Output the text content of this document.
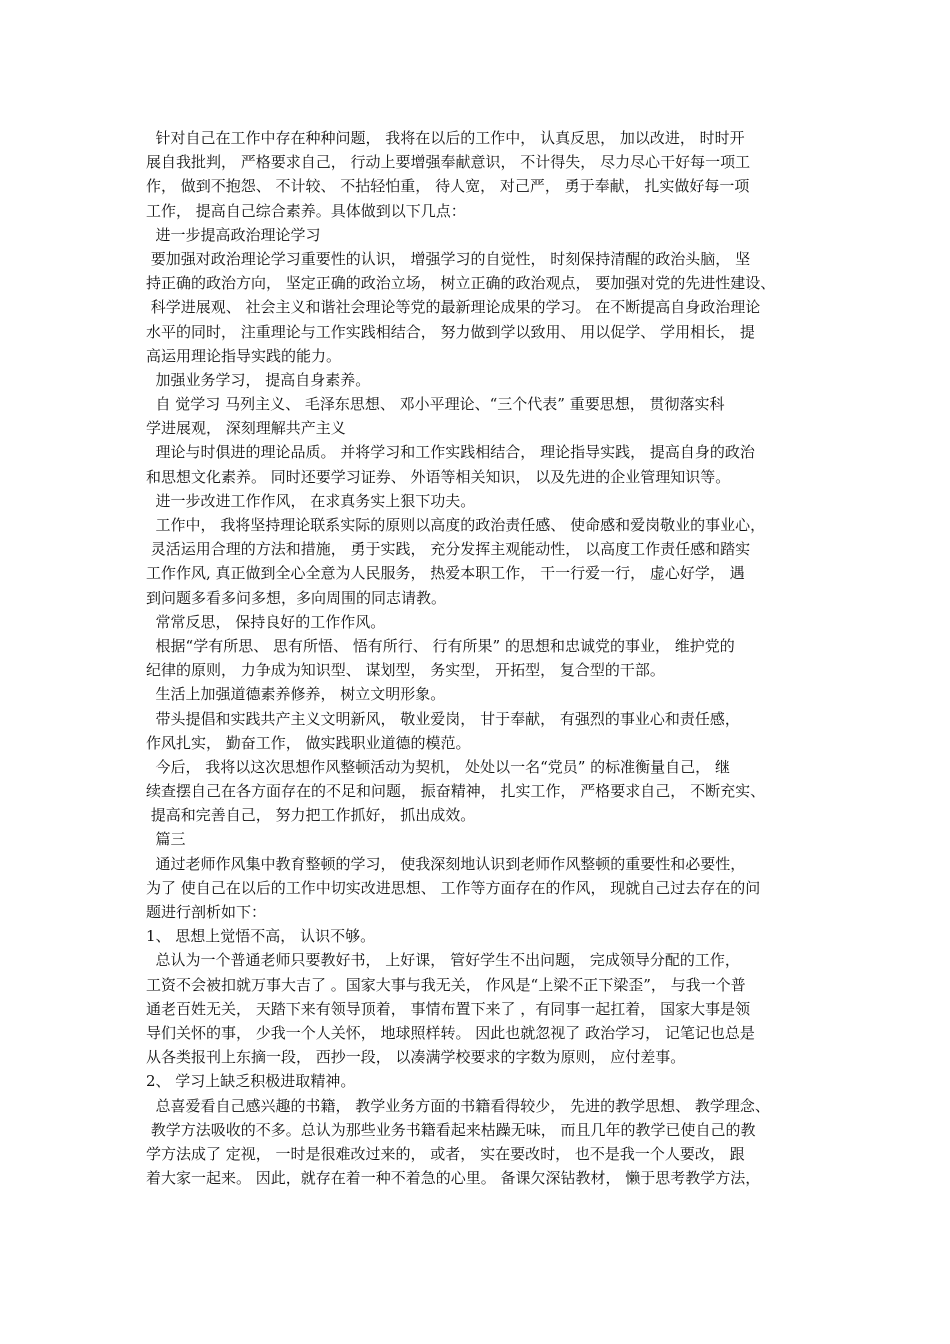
针对自己在工作中存在种种问题， 我将在以后的工作中， 认真反思， 加以改进， 时时开
展自我批判， 严格要求自己， 行动上要增强奉献意识， 不计得失， 尽力尽心干好每一项工
作， 做到不抱怨、 不计较、 不拈轻怕重， 待人宽， 对己严， 勇于奉献， 扎实做好每一项
工作， 提高自己综合素养。具体做到以下几点：
进一步提高政治理论学习
要加强对政治理论学习重要性的认识， 增强学习的自觉性， 时刻保持清醒的政治头脑， 坚
持正确的政治方向， 坚定正确的政治立场， 树立正确的政治观点， 要加强对党的先进性建设、
科学进展观、 社会主义和谐社会理论等党的最新理论成果的学习。 在不断提高自身政治理论
水平的同时， 注重理论与工作实践相结合， 努力做到学以致用、 用以促学、 学用相长， 提
高运用理论指导实践的能力。
加强业务学习， 提高自身素养。
自 觉学习 马列主义、 毛泽东思想、 邓小平理论、“三个代表” 重要思想， 贯彻落实科
学进展观， 深刻理解共产主义
理论与时俱进的理论品质。 并将学习和工作实践相结合， 理论指导实践， 提高自身的政治
和思想文化素养。 同时还要学习证券、 外语等相关知识， 以及先进的企业管理知识等。
进一步改进工作作风， 在求真务实上狠下功夫。
工作中， 我将坚持理论联系实际的原则以高度的政治责任感、 使命感和爱岗敬业的事业心，
灵活运用合理的方法和措施， 勇于实践， 充分发挥主观能动性， 以高度工作责任感和踏实
工作作风, 真正做到全心全意为人民服务， 热爱本职工作， 干一行爱一行， 虚心好学， 遇
到问题多看多问多想，多向周围的同志请教。
常常反思， 保持良好的工作作风。
根据“学有所思、 思有所悟、 悟有所行、 行有所果” 的思想和忠诚党的事业， 维护党的
纪律的原则， 力争成为知识型、 谋划型， 务实型， 开拓型， 复合型的干部。
生活上加强道德素养修养， 树立文明形象。
带头提倡和实践共产主义文明新风， 敬业爱岗， 甘于奉献， 有强烈的事业心和责任感，
作风扎实， 勤奋工作， 做实践职业道德的模范。
今后， 我将以这次思想作风整顿活动为契机， 处处以一名“党员” 的标准衡量自己， 继
续查摆自己在各方面存在的不足和问题， 振奋精神， 扎实工作， 严格要求自己， 不断充实、
提高和完善自己， 努力把工作抓好， 抓出成效。
篇三
通过老师作风集中教育整顿的学习， 使我深刻地认识到老师作风整顿的重要性和必要性，
为了 使自己在以后的工作中切实改进思想、 工作等方面存在的作风， 现就自己过去存在的问
题进行剖析如下：
1、 思想上觉悟不高， 认识不够。
总认为一个普通老师只要教好书， 上好课， 管好学生不出问题， 完成领导分配的工作，
工资不会被扣就万事大吉了 。国家大事与我无关， 作风是“上梁不正下梁歪”， 与我一个普
通老百姓无关， 天踏下来有领导顶着， 事情布置下来了 ，有同事一起扛着， 国家大事是领
导们关怀的事， 少我一个人关怀， 地球照样转。 因此也就忽视了 政治学习， 记笔记也总是
从各类报刊上东摘一段， 西抄一段， 以凑满学校要求的字数为原则， 应付差事。
2、 学习上缺乏积极进取精神。
总喜爱看自己感兴趣的书籍， 教学业务方面的书籍看得较少， 先进的教学思想、 教学理念、
教学方法吸收的不多。总认为那些业务书籍看起来枯躁无味， 而且几年的教学已使自己的教
学方法成了 定视， 一时是很难改过来的， 或者， 实在要改时， 也不是我一个人要改， 跟
着大家一起来。 因此，就存在着一种不着急的心里。 备课欠深钻教材， 懒于思考教学方法，
